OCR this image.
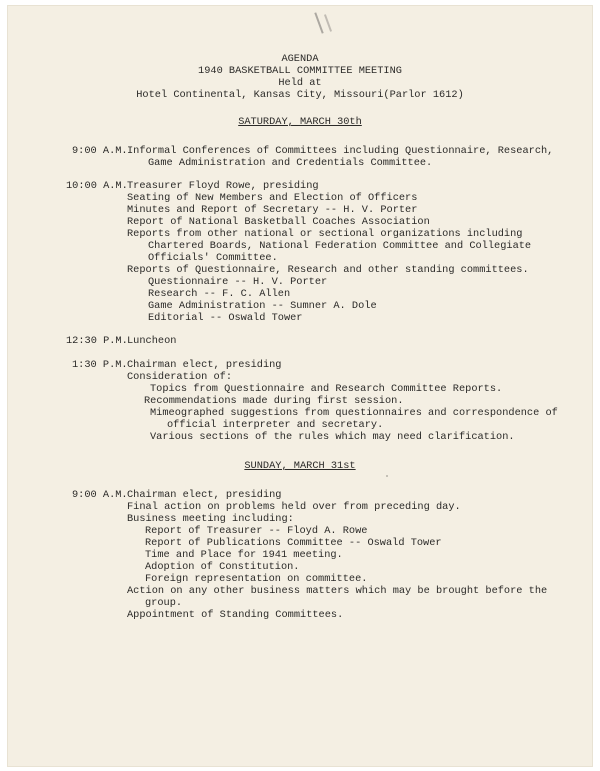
AGENDA
1940 BASKETBALL COMMITTEE MEETING
Held at
Hotel Continental, Kansas City, Missouri(Parlor 1612)
SATURDAY, MARCH 30th
9:00 A.M. Informal Conferences of Committees including Questionnaire, Research,
Game Administration and Credentials Committee.
10:00 A.M. Treasurer Floyd Rowe, presiding
Seating of New Members and Election of Officers
Minutes and Report of Secretary -- H. V. Porter
Report of National Basketball Coaches Association
Reports from other national or sectional organizations including
Chartered Boards, National Federation Committee and Collegiate
Officials' Committee.
Reports of Questionnaire, Research and other standing committees.
Questionnaire -- H. V. Porter
Research -- F. C. Allen
Game Administration -- Sumner A. Dole
Editorial -- Oswald Tower
12:30 P.M. Luncheon
1:30 P.M. Chairman elect, presiding
Consideration of:
Topics from Questionnaire and Research Committee Reports.
Recommendations made during first session.
Mimeographed suggestions from questionnaires and correspondence of
official interpreter and secretary.
Various sections of the rules which may need clarification.
SUNDAY, MARCH 31st
9:00 A.M. Chairman elect, presiding
Final action on problems held over from preceding day.
Business meeting including:
Report of Treasurer -- Floyd A. Rowe
Report of Publications Committee -- Oswald Tower
Time and Place for 1941 meeting.
Adoption of Constitution.
Foreign representation on committee.
Action on any other business matters which may be brought before the
group.
Appointment of Standing Committees.
